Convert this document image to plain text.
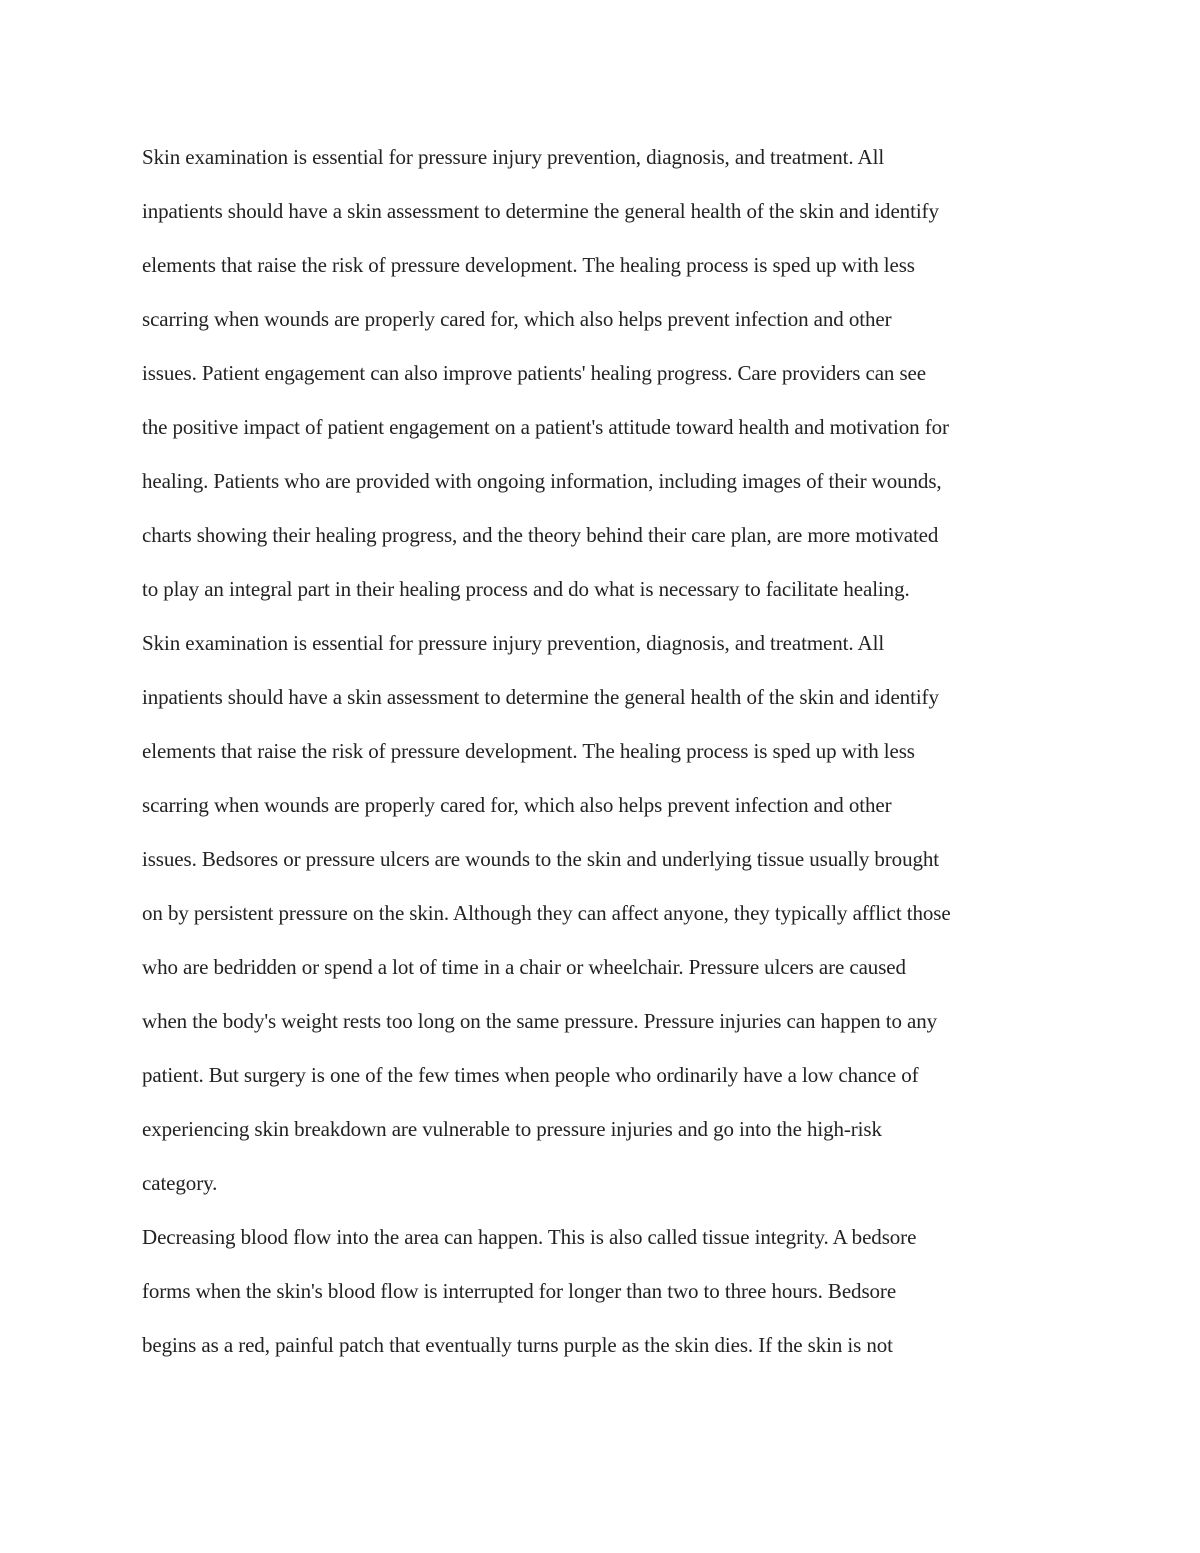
Skin examination is essential for pressure injury prevention, diagnosis, and treatment. All
inpatients should have a skin assessment to determine the general health of the skin and identify
elements that raise the risk of pressure development. The healing process is sped up with less
scarring when wounds are properly cared for, which also helps prevent infection and other
issues. Patient engagement can also improve patients' healing progress. Care providers can see
the positive impact of patient engagement on a patient's attitude toward health and motivation for
healing. Patients who are provided with ongoing information, including images of their wounds,
charts showing their healing progress, and the theory behind their care plan, are more motivated
to play an integral part in their healing process and do what is necessary to facilitate healing.
Skin examination is essential for pressure injury prevention, diagnosis, and treatment. All
inpatients should have a skin assessment to determine the general health of the skin and identify
elements that raise the risk of pressure development. The healing process is sped up with less
scarring when wounds are properly cared for, which also helps prevent infection and other
issues. Bedsores or pressure ulcers are wounds to the skin and underlying tissue usually brought
on by persistent pressure on the skin. Although they can affect anyone, they typically afflict those
who are bedridden or spend a lot of time in a chair or wheelchair. Pressure ulcers are caused
when the body's weight rests too long on the same pressure. Pressure injuries can happen to any
patient. But surgery is one of the few times when people who ordinarily have a low chance of
experiencing skin breakdown are vulnerable to pressure injuries and go into the high-risk
category.
Decreasing blood flow into the area can happen. This is also called tissue integrity. A bedsore
forms when the skin's blood flow is interrupted for longer than two to three hours. Bedsore
begins as a red, painful patch that eventually turns purple as the skin dies. If the skin is not
